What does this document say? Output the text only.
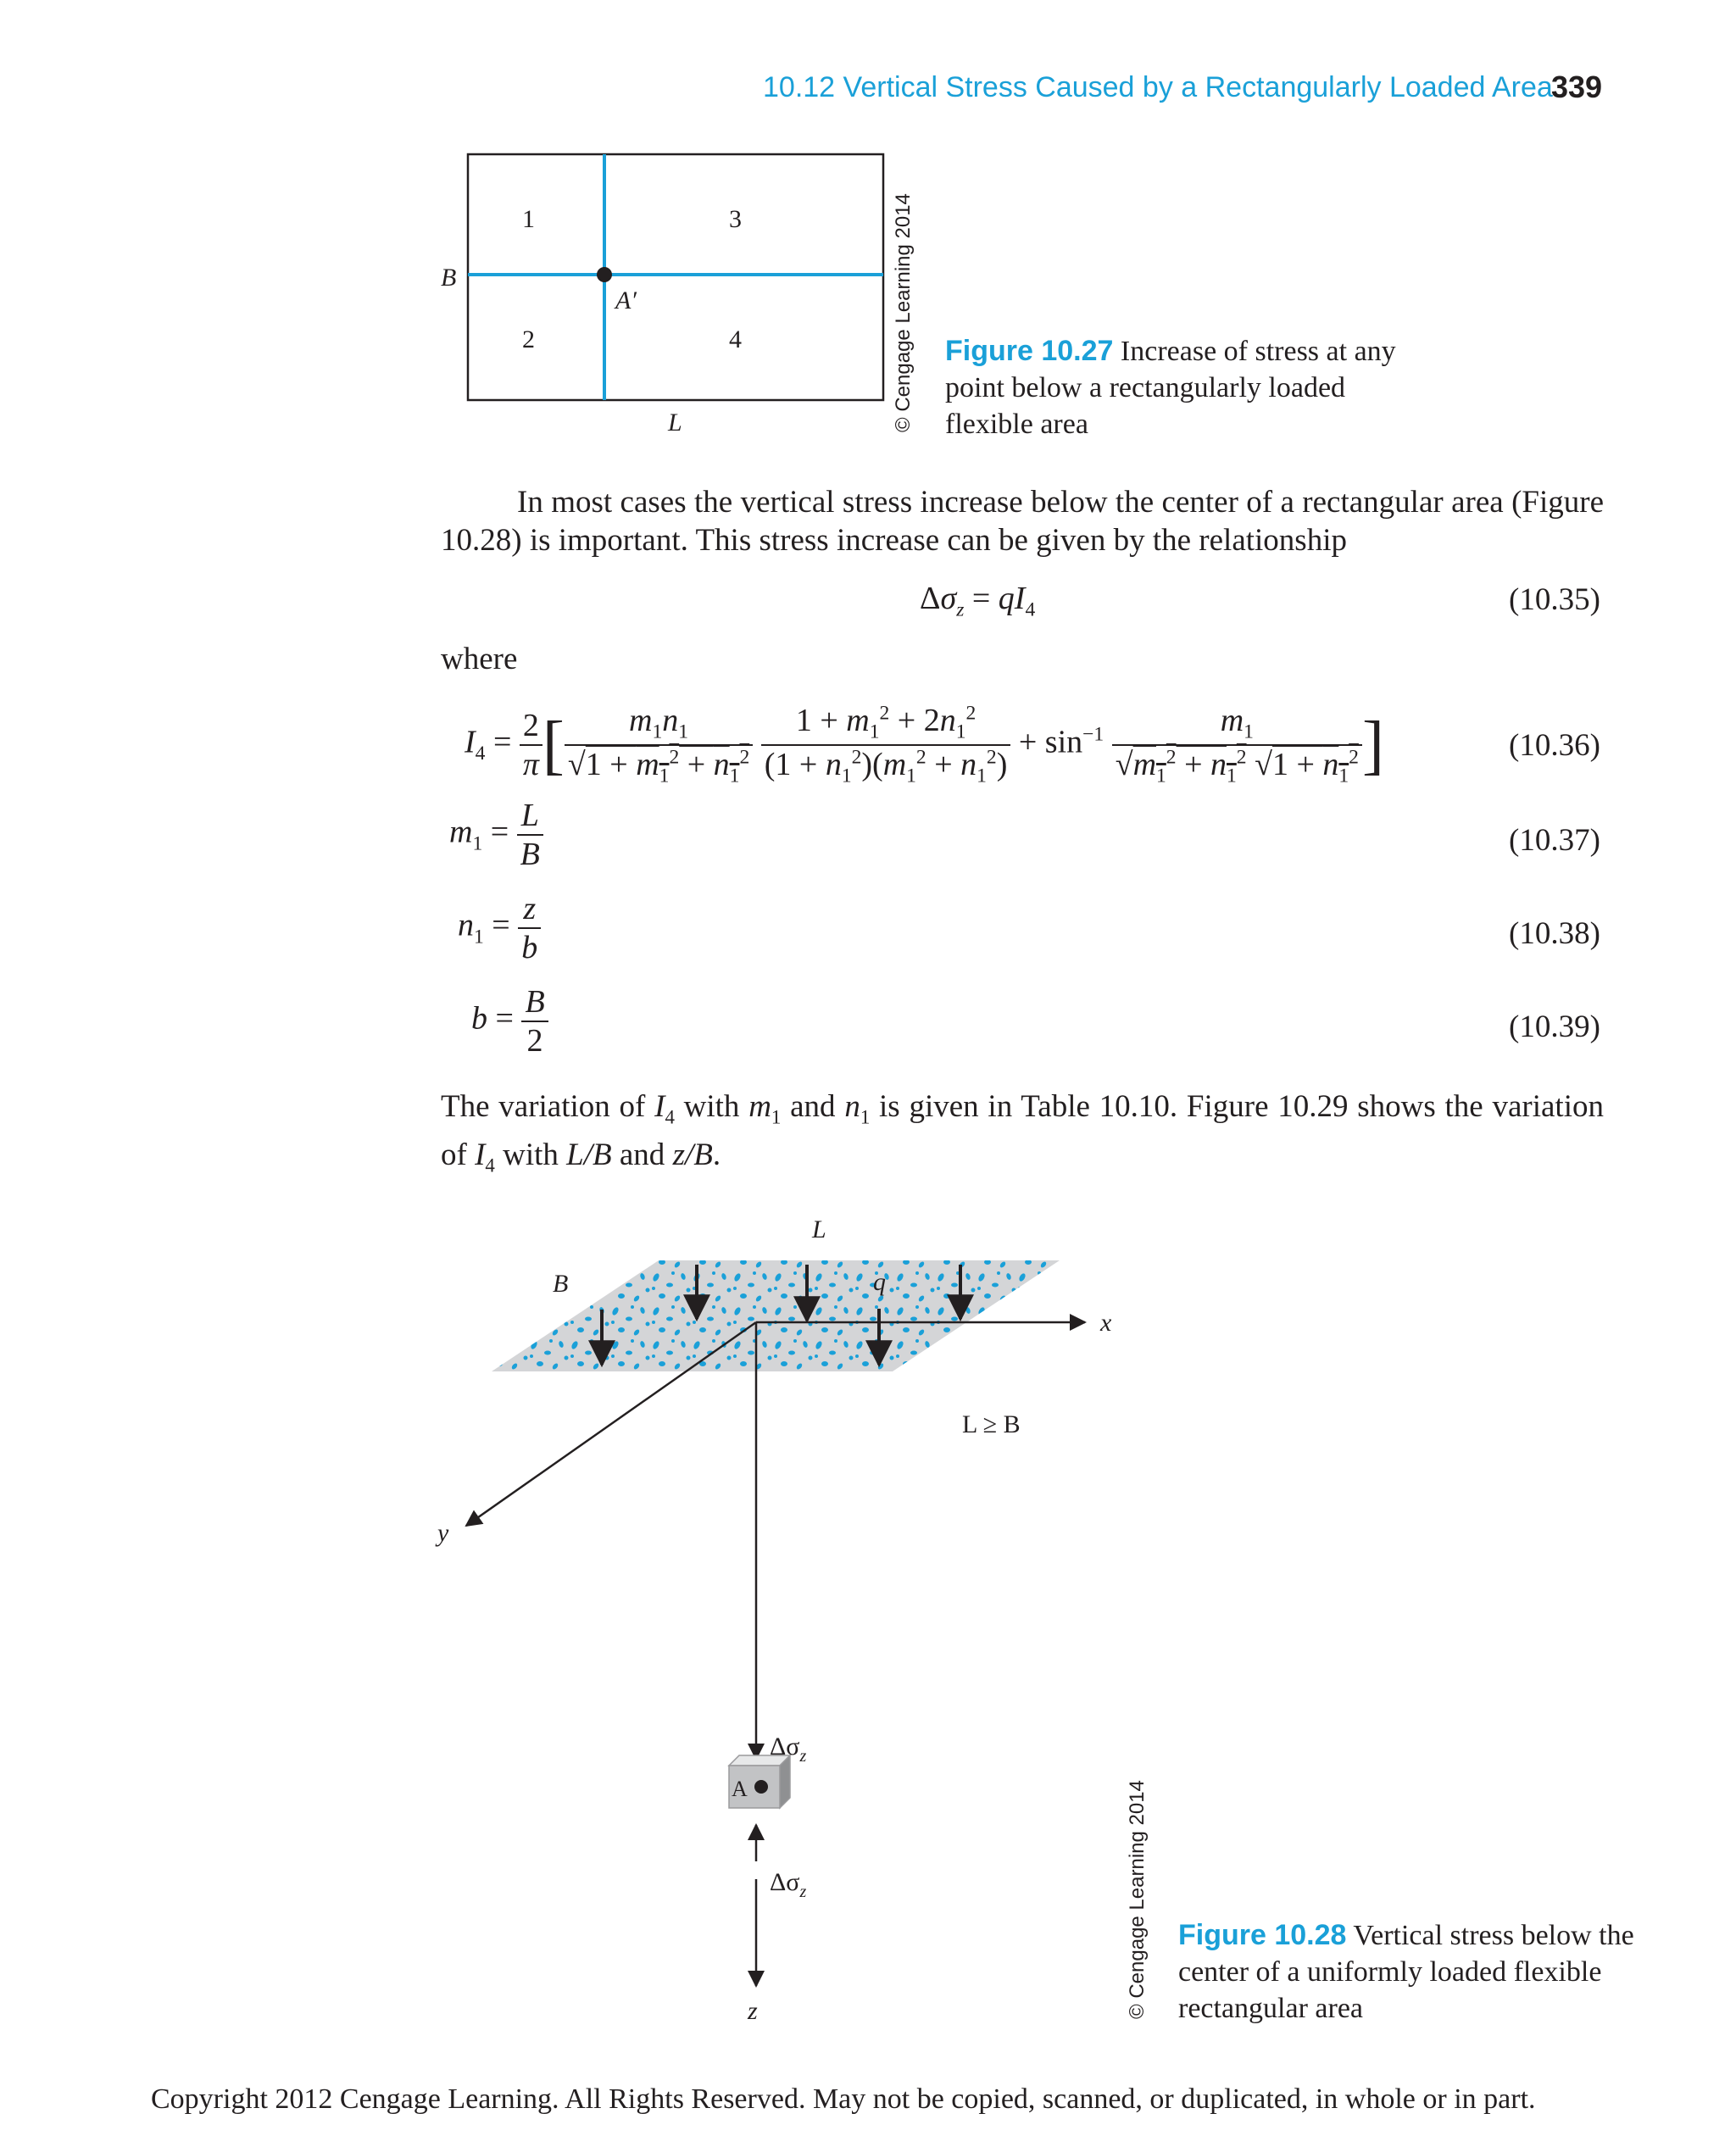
10.12 Vertical Stress Caused by a Rectangularly Loaded Area
339
B
A′
L
1
2
3
4	© Cengage Learning 2014 Figure 10.27 Increase of stress at any point below a rectangularly loaded flexible area
In most cases the vertical stress increase below the center of a rectangular area (Figure 10.28) is important. This stress increase can be given by the relationship
$\Delta\sigma_z = qI_4$	(10.35)
where
$I_4 = \frac{2}{\pi}$ [ $\frac{m_1n_1}{√1 + m_1^2 + n_1^2}$
$\frac{1 + m_1^2 + 2n_1^2}{(1 + n_1^2)(m_1^2 + n_1^2)} + \sin^{-1} \frac{m_1}{√m_1^2 + n_1^2 √1 + n_1^2}$ ]	(10.36)
$m_1 = \frac{L}{B}$	(10.37)
$n_1 = \frac{z}{b}$	(10.38)
$b = \frac{B}{2}$	(10.39)
The variation of $I_4$ with $m_1$ and $n_1$ is given in Table 10.10. Figure 10.29 shows the variation of $I_4$ with L/B and z/B.
L
B	q
x
y
z
L ≥ B
A
$\Delta\sigma_z$
$\Delta\sigma_z$	© Cengage Learning 2014 Figure 10.28 Vertical stress below the center of a uniformly loaded flexible rectangular area
Copyright 2012 Cengage Learning. All Rights Reserved. May not be copied, scanned, or duplicated, in whole or in part.
